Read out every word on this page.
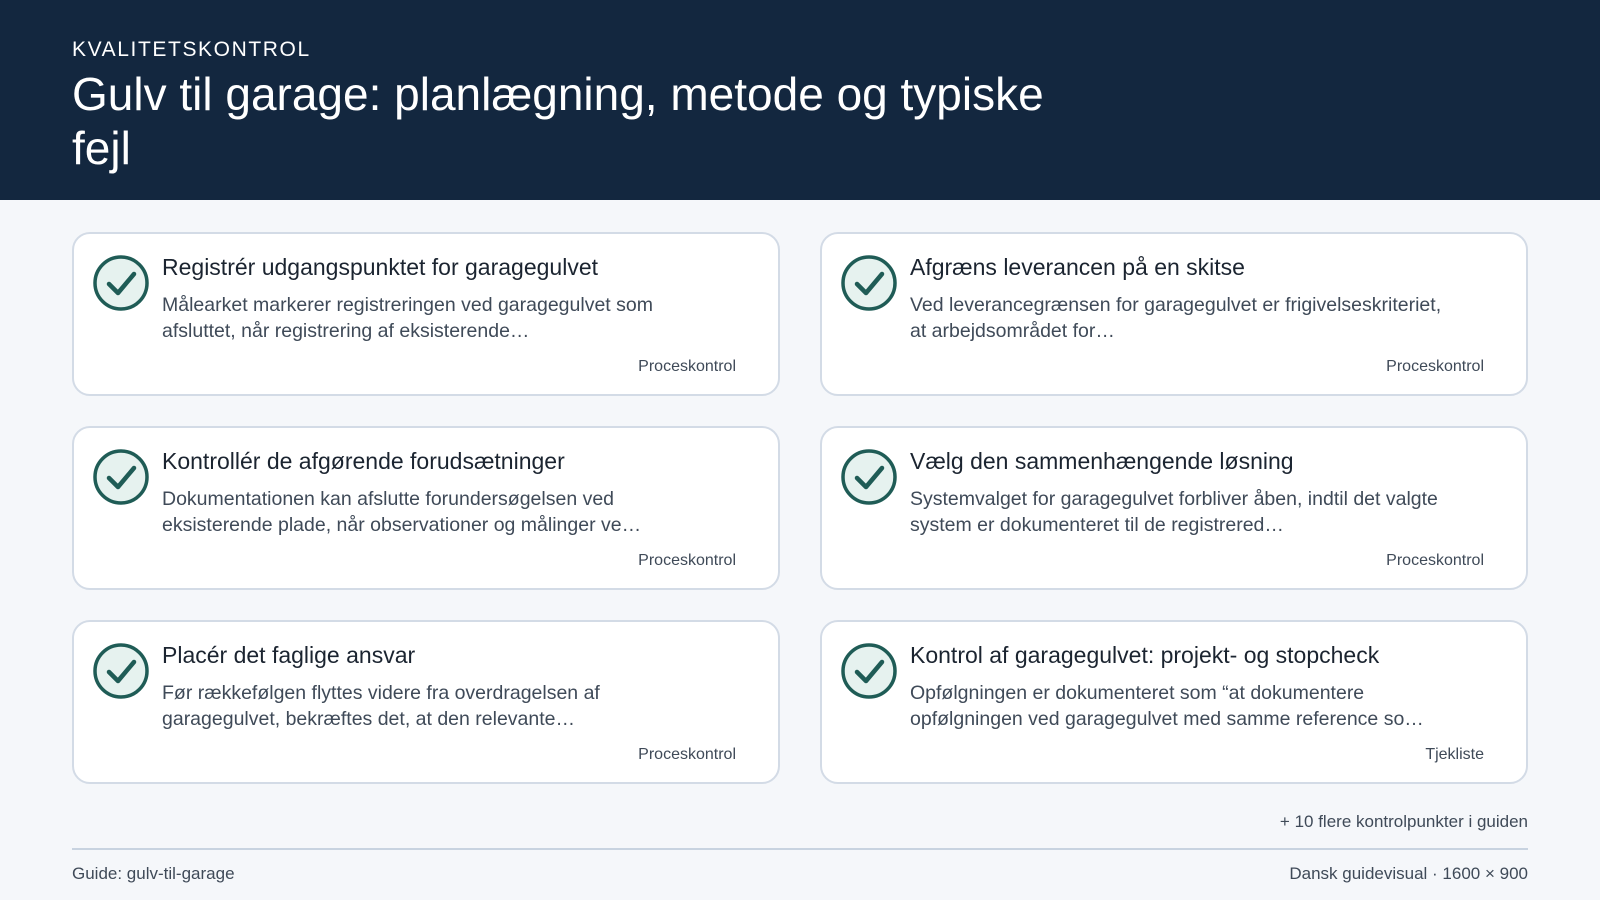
KVALITETSKONTROL
Gulv til garage: planlægning, metode og typiske fejl
Registrér udgangspunktet for garagegulvet
Målearket markerer registreringen ved garagegulvet som afsluttet, når registrering af eksisterende…
Proceskontrol
Afgræns leverancen på en skitse
Ved leverancegrænsen for garagegulvet er frigivelseskriteriet, at arbejdsområdet for…
Proceskontrol
Kontrollér de afgørende forudsætninger
Dokumentationen kan afslutte forundersøgelsen ved eksisterende plade, når observationer og målinger ve…
Proceskontrol
Vælg den sammenhængende løsning
Systemvalget for garagegulvet forbliver åben, indtil det valgte system er dokumenteret til de registrered…
Proceskontrol
Placér det faglige ansvar
Før rækkefølgen flyttes videre fra overdragelsen af garagegulvet, bekræftes det, at den relevante…
Proceskontrol
Kontrol af garagegulvet: projekt- og stopcheck
Opfølgningen er dokumenteret som “at dokumentere opfølgningen ved garagegulvet med samme reference so…
Tjekliste
+ 10 flere kontrolpunkter i guiden
Guide: gulv-til-garage	Dansk guidevisual · 1600 × 900
